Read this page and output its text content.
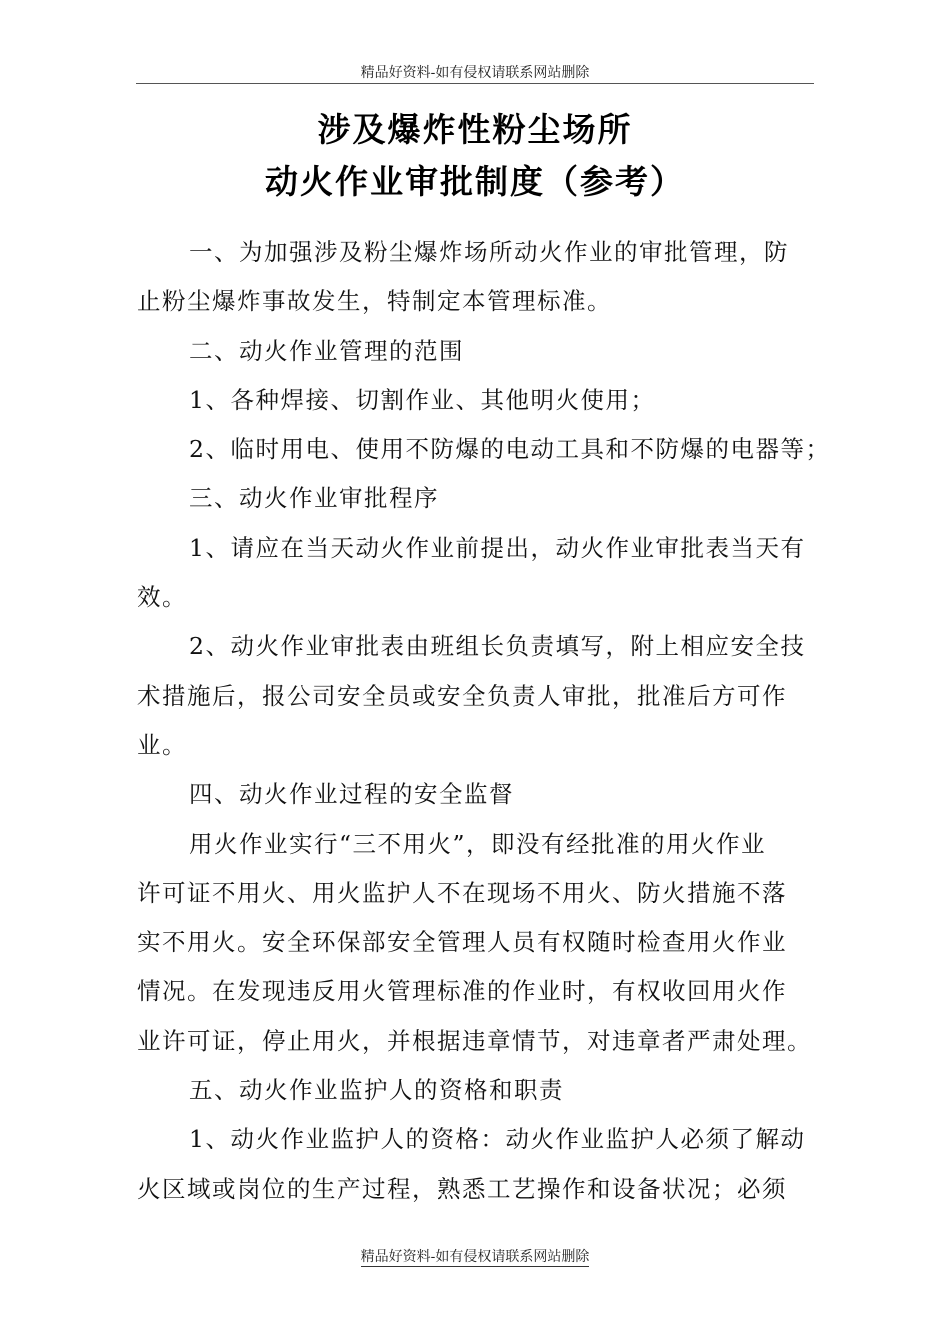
精品好资料-如有侵权请联系网站删除
涉及爆炸性粉尘场所
动火作业审批制度（参考）

一、为加强涉及粉尘爆炸场所动火作业的审批管理，防

止粉尘爆炸事故发生，特制定本管理标准。

二、动火作业管理的范围

1、各种焊接、切割作业、其他明火使用；

2、临时用电、使用不防爆的电动工具和不防爆的电器等；

三、动火作业审批程序

1、请应在当天动火作业前提出，动火作业审批表当天有

效。

2、动火作业审批表由班组长负责填写，附上相应安全技

术措施后，报公司安全员或安全负责人审批，批准后方可作

业。

四、动火作业过程的安全监督

用火作业实行“三不用火”，即没有经批准的用火作业

许可证不用火、用火监护人不在现场不用火、防火措施不落

实不用火。安全环保部安全管理人员有权随时检查用火作业

情况。在发现违反用火管理标准的作业时，有权收回用火作

业许可证，停止用火，并根据违章情节，对违章者严肃处理。

五、动火作业监护人的资格和职责

1、动火作业监护人的资格：动火作业监护人必须了解动

火区域或岗位的生产过程，熟悉工艺操作和设备状况；必须

精品好资料-如有侵权请联系网站删除
